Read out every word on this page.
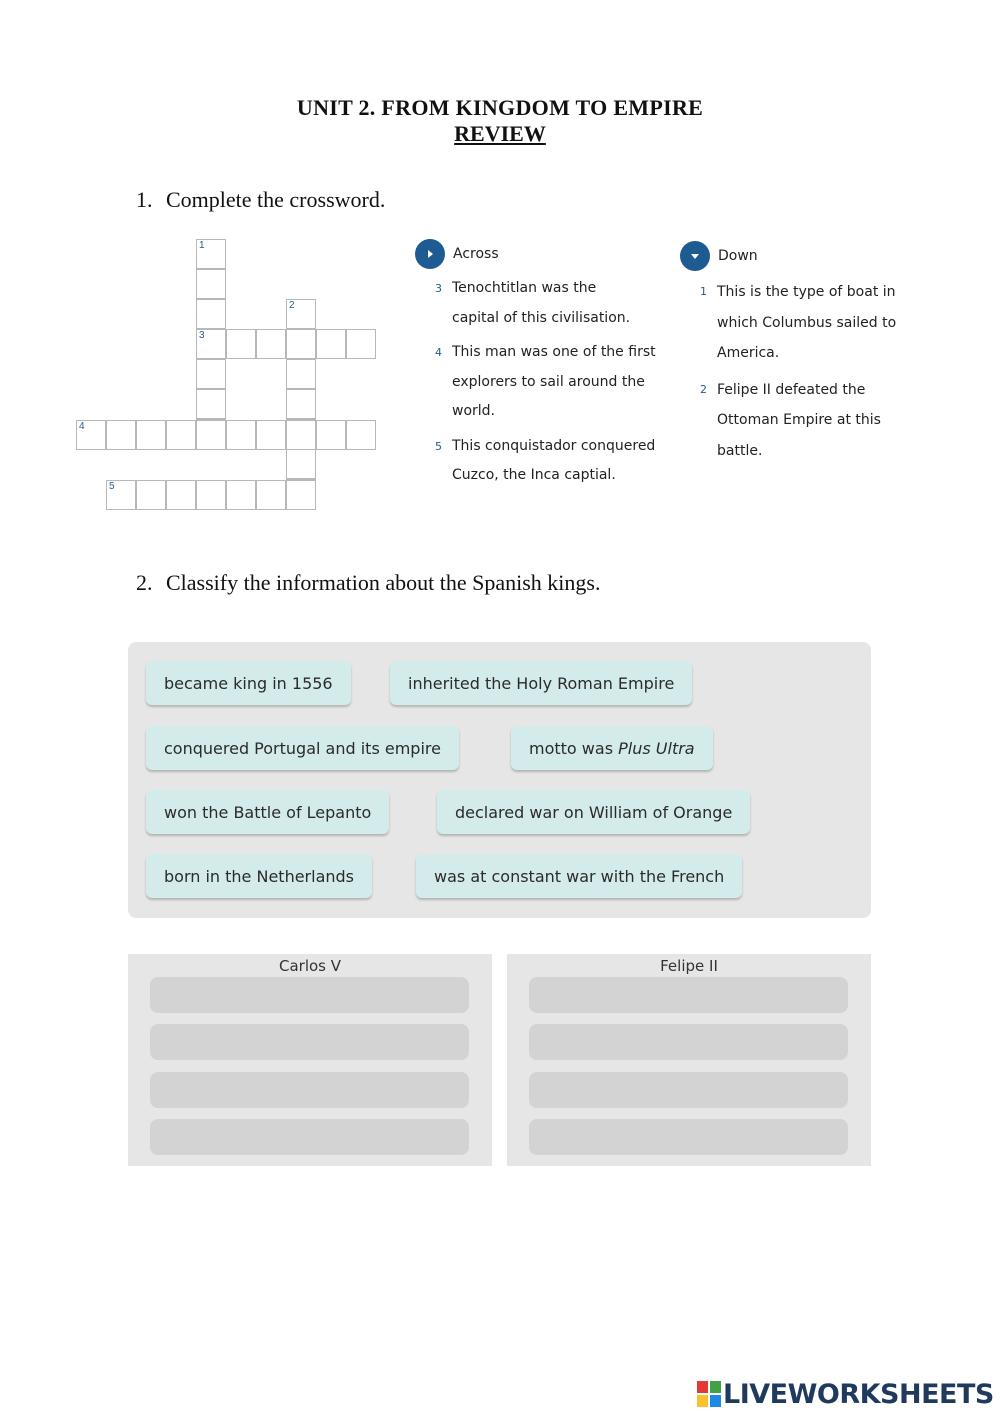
UNIT 2. FROM KINGDOM TO EMPIRE
REVIEW
1. Complete the crossword.
1
3
2
4
5
Across
3 Tenochtitlan was the
capital of this civilisation.
4 This man was one of the first
explorers to sail around the
world.
5 This conquistador conquered
Cuzco, the Inca captial.
Down
1 This is the type of boat in
which Columbus sailed to
America.
2 Felipe II defeated the
Ottoman Empire at this
battle.
2. Classify the information about the Spanish kings.
became king in 1556	inherited the Holy Roman Empire
conquered Portugal and its empire	motto was
Plus Ultra
won the Battle of Lepanto	declared war on William of Orange
born in the Netherlands	was at constant war with the French
Carlos V	Felipe II
LIVEWORKSHEETS
